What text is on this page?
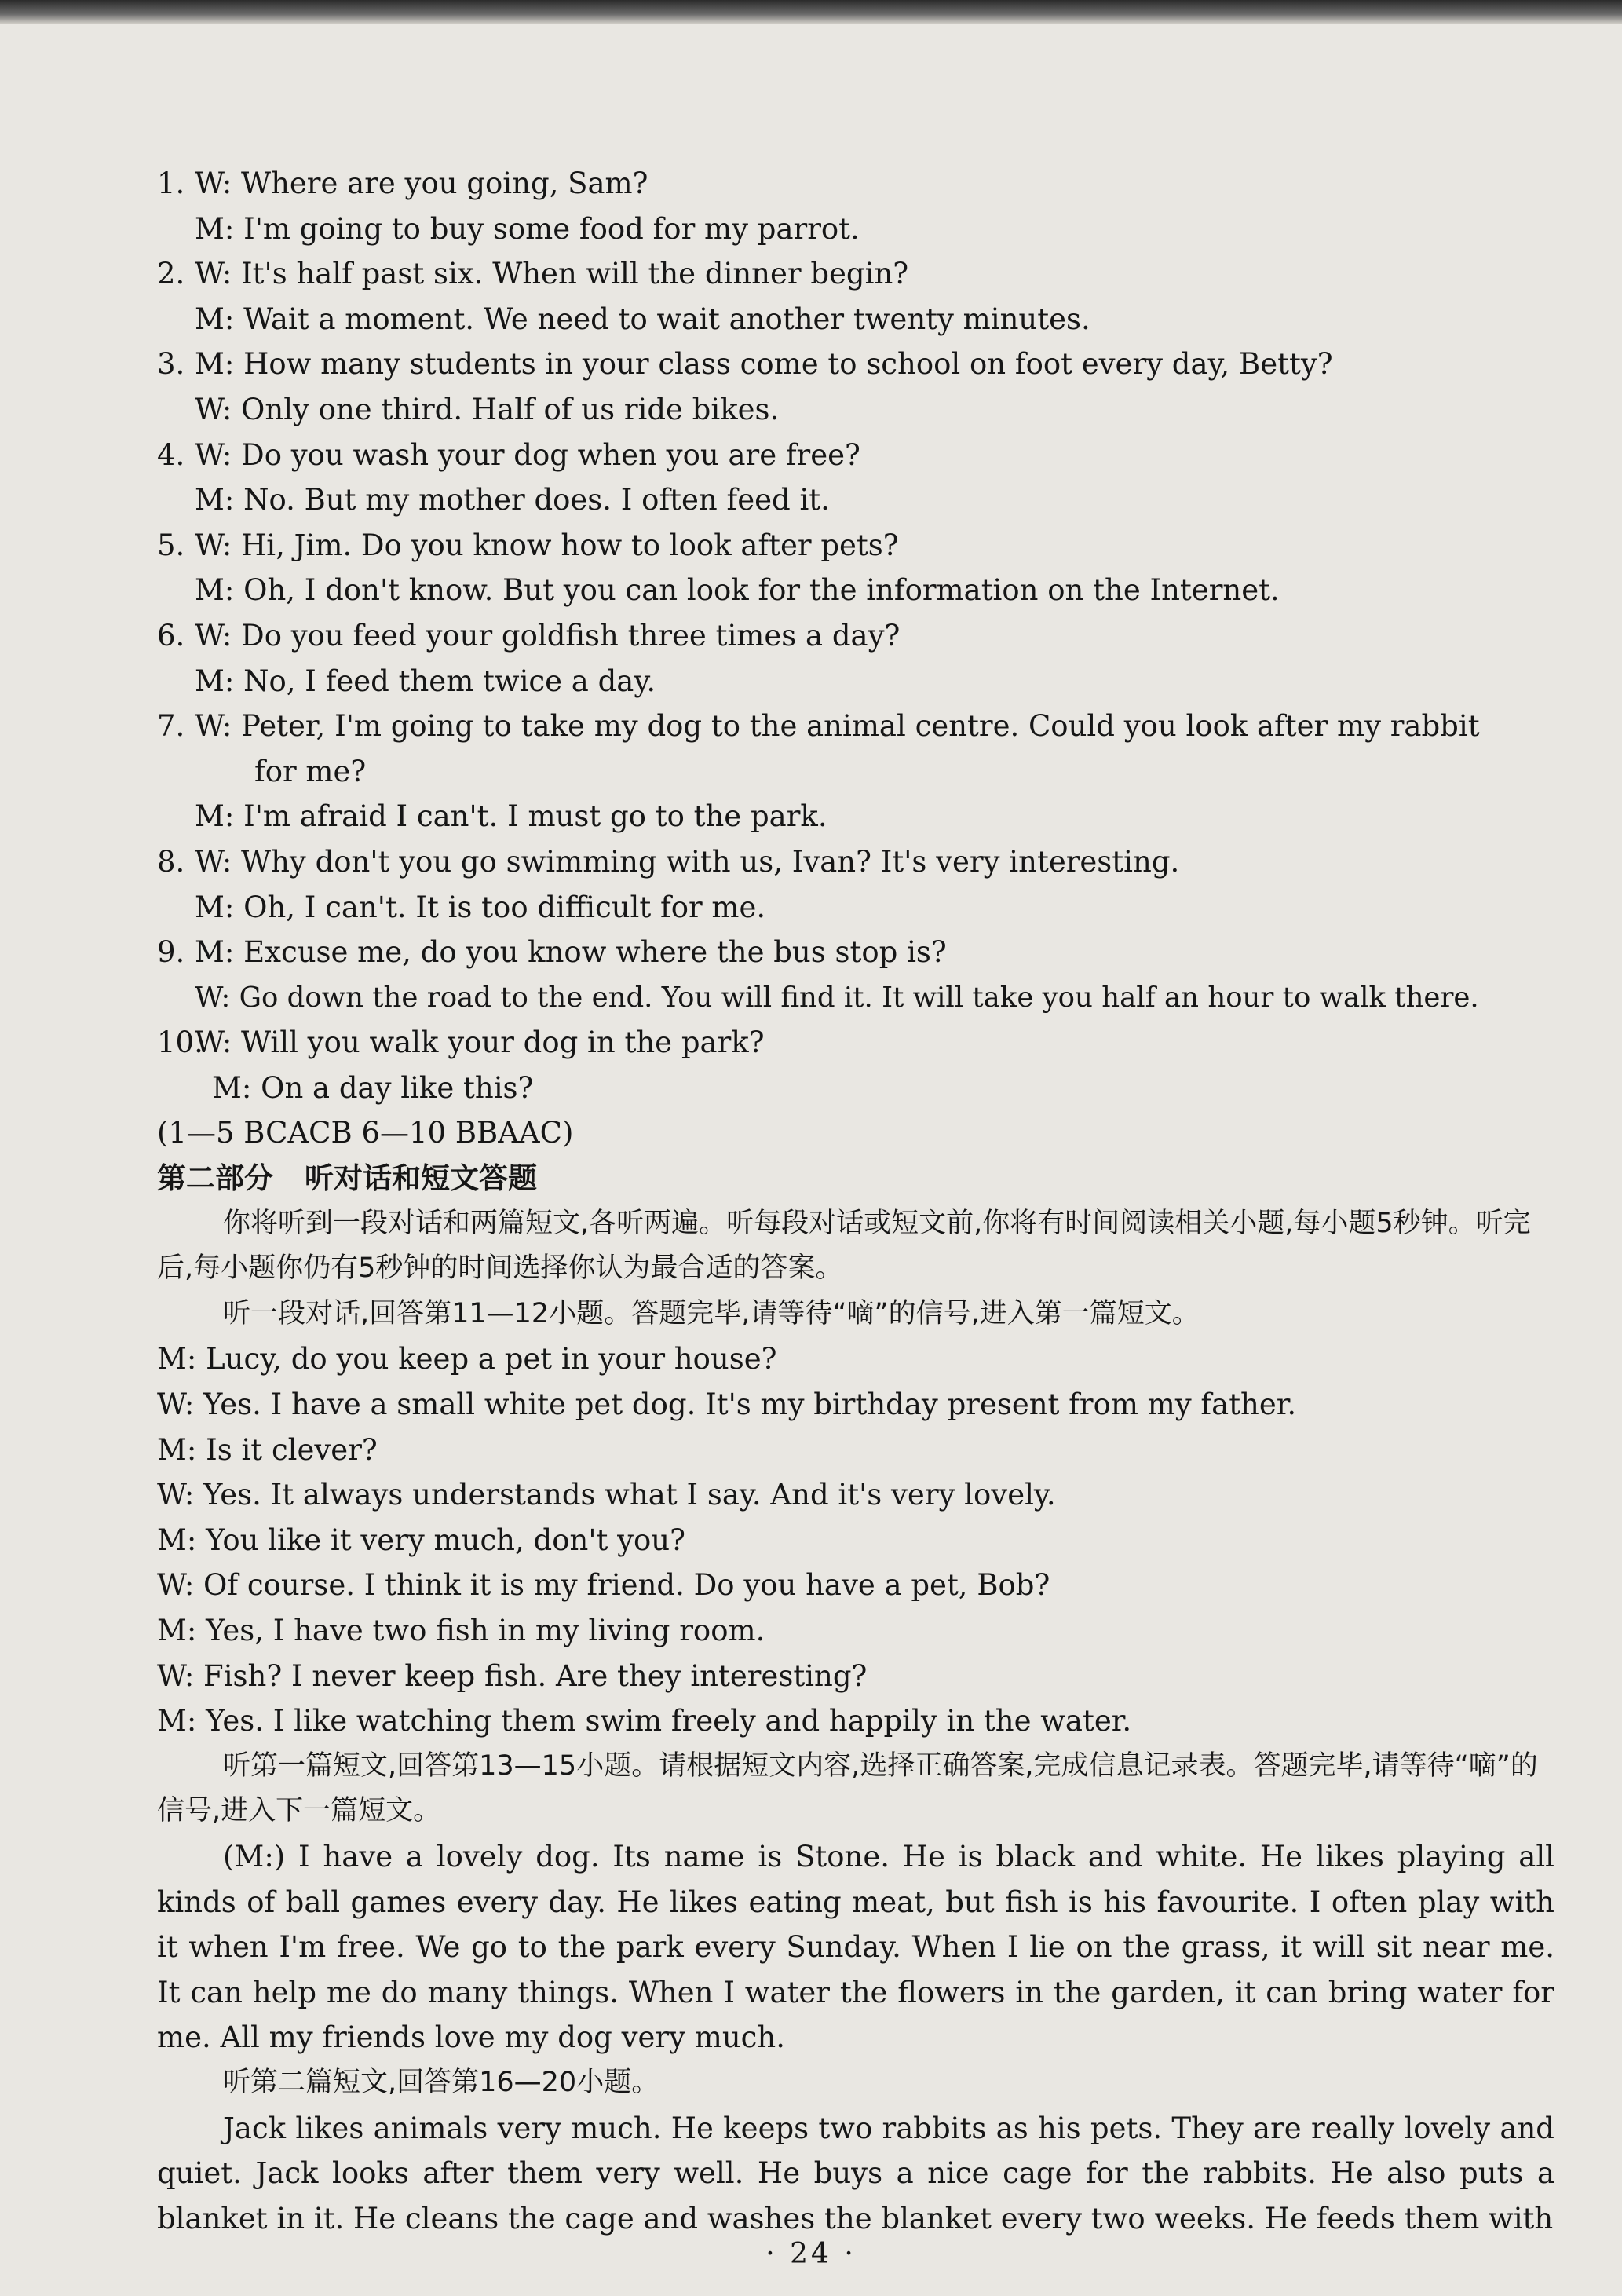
1. W: Where are you going, Sam?

M: I'm going to buy some food for my parrot.

2. W: It's half past six. When will the dinner begin?

M: Wait a moment. We need to wait another twenty minutes.

3. M: How many students in your class come to school on foot every day, Betty?

W: Only one third. Half of us ride bikes.

4. W: Do you wash your dog when you are free?

M: No. But my mother does. I often feed it.

5. W: Hi, Jim. Do you know how to look after pets?

M: Oh, I don't know. But you can look for the information on the Internet.

6. W: Do you feed your goldfish three times a day?

M: No, I feed them twice a day.

7. W: Peter, I'm going to take my dog to the animal centre. Could you look after my rabbit

for me?

M: I'm afraid I can't. I must go to the park.

8. W: Why don't you go swimming with us, Ivan? It's very interesting.

M: Oh, I can't. It is too difficult for me.

9. M: Excuse me, do you know where the bus stop is?

W: Go down the road to the end. You will find it. It will take you half an hour to walk there.

10.W: Will you walk your dog in the park?

M: On a day like this?

(1—5 BCACB 6—10 BBAAC)

第二部分 听对话和短文答题

你将听到一段对话和两篇短文,各听两遍。听每段对话或短文前,你将有时间阅读相关小题,每小题5秒钟。听完后,每小题你仍有5秒钟的时间选择你认为最合适的答案。

听一段对话,回答第11—12小题。答题完毕,请等待“嘀”的信号,进入第一篇短文。

M: Lucy, do you keep a pet in your house?

W: Yes. I have a small white pet dog. It's my birthday present from my father.

M: Is it clever?

W: Yes. It always understands what I say. And it's very lovely.

M: You like it very much, don't you?

W: Of course. I think it is my friend. Do you have a pet, Bob?

M: Yes, I have two fish in my living room.

W: Fish? I never keep fish. Are they interesting?

M: Yes. I like watching them swim freely and happily in the water.

听第一篇短文,回答第13—15小题。请根据短文内容,选择正确答案,完成信息记录表。答题完毕,请等待“嘀”的信号,进入下一篇短文。

(M:) I have a lovely dog. Its name is Stone. He is black and white. He likes playing all kinds of ball games every day. He likes eating meat, but fish is his favourite. I often play with it when I'm free. We go to the park every Sunday. When I lie on the grass, it will sit near me. It can help me do many things. When I water the flowers in the garden, it can bring water for me. All my friends love my dog very much.

听第二篇短文,回答第16—20小题。

Jack likes animals very much. He keeps two rabbits as his pets. They are really lovely and quiet. Jack looks after them very well. He buys a nice cage for the rabbits. He also puts a blanket in it. He cleans the cage and washes the blanket every two weeks. He feeds them with

· 24 ·
